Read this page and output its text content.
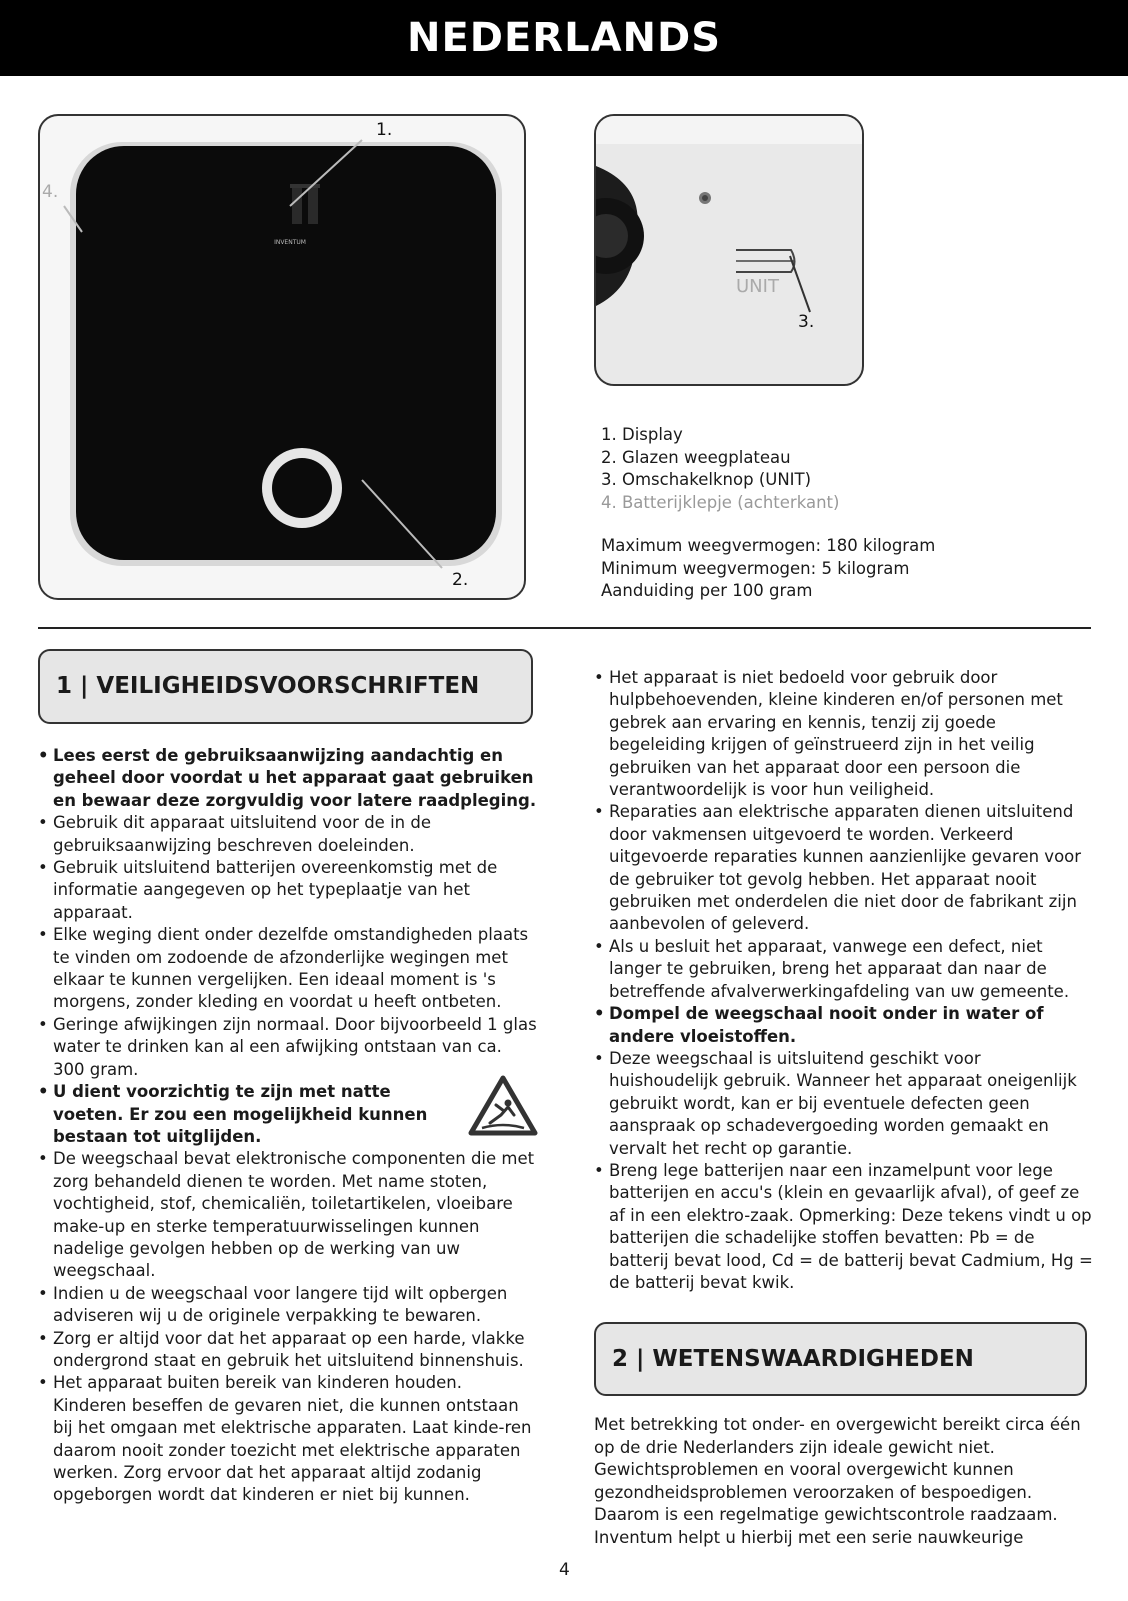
NEDERLANDS
INVENTUM
1.
2.
4.
UNIT
3.
1. Display
2. Glazen weegplateau
3. Omschakelknop (UNIT)
4. Batterijklepje (achterkant)
Maximum weegvermogen: 180 kilogram
Minimum weegvermogen: 5 kilogram
Aanduiding per 100 gram
1 | VEILIGHEIDSVOORSCHRIFTEN
• Lees eerst de gebruiksaanwijzing aandachtig en geheel door voordat u het apparaat gaat gebruiken en bewaar deze zorgvuldig voor latere raadpleging.
• Gebruik dit apparaat uitsluitend voor de in de gebruiksaanwijzing beschreven doeleinden.
• Gebruik uitsluitend batterijen overeenkomstig met de informatie aangegeven op het typeplaatje van het apparaat.
• Elke weging dient onder dezelfde omstandigheden plaats te vinden om zodoende de afzonderlijke wegingen met elkaar te kunnen vergelijken. Een ideaal moment is 's morgens, zonder kleding en voordat u heeft ontbeten.
• Geringe afwijkingen zijn normaal. Door bijvoorbeeld 1 glas water te drinken kan al een afwijking ontstaan van ca. 300 gram.
• U dient voorzichtig te zijn met natte voeten. Er zou een mogelijkheid kunnen bestaan tot uitglijden.
• De weegschaal bevat elektronische componenten die met zorg behandeld dienen te worden. Met name stoten, vochtigheid, stof, chemicaliën, toiletartikelen, vloeibare make-up en sterke temperatuurwisselingen kunnen nadelige gevolgen hebben op de werking van uw weegschaal.
• Indien u de weegschaal voor langere tijd wilt opbergen adviseren wij u de originele verpakking te bewaren.
• Zorg er altijd voor dat het apparaat op een harde, vlakke ondergrond staat en gebruik het uitsluitend binnenshuis.
• Het apparaat buiten bereik van kinderen houden. Kinderen beseffen de gevaren niet, die kunnen ontstaan bij het omgaan met elektrische apparaten. Laat kinde-ren daarom nooit zonder toezicht met elektrische apparaten werken. Zorg ervoor dat het apparaat altijd zodanig opgeborgen wordt dat kinderen er niet bij kunnen.
• Het apparaat is niet bedoeld voor gebruik door hulpbehoevenden, kleine kinderen en/of personen met gebrek aan ervaring en kennis, tenzij zij goede begeleiding krijgen of geïnstrueerd zijn in het veilig gebruiken van het apparaat door een persoon die verantwoordelijk is voor hun veiligheid.
• Reparaties aan elektrische apparaten dienen uitsluitend door vakmensen uitgevoerd te worden. Verkeerd uitgevoerde reparaties kunnen aanzienlijke gevaren voor de gebruiker tot gevolg hebben. Het apparaat nooit gebruiken met onderdelen die niet door de fabrikant zijn aanbevolen of geleverd.
• Als u besluit het apparaat, vanwege een defect, niet langer te gebruiken, breng het apparaat dan naar de betreffende afvalverwerkingafdeling van uw gemeente.
• Dompel de weegschaal nooit onder in water of andere vloeistoffen.
• Deze weegschaal is uitsluitend geschikt voor huishoudelijk gebruik. Wanneer het apparaat oneigenlijk gebruikt wordt, kan er bij eventuele defecten geen aanspraak op schadevergoeding worden gemaakt en vervalt het recht op garantie.
• Breng lege batterijen naar een inzamelpunt voor lege batterijen en accu's (klein en gevaarlijk afval), of geef ze af in een elektro-zaak. Opmerking: Deze tekens vindt u op batterijen die schadelijke stoffen bevatten: Pb = de batterij bevat lood, Cd = de batterij bevat Cadmium, Hg = de batterij bevat kwik.
2 | WETENSWAARDIGHEDEN
Met betrekking tot onder- en overgewicht bereikt circa één op de drie Nederlanders zijn ideale gewicht niet. Gewichtsproblemen en vooral overgewicht kunnen gezondheidsproblemen veroorzaken of bespoedigen. Daarom is een regelmatige gewichtscontrole raadzaam. Inventum helpt u hierbij met een serie nauwkeurige
4
